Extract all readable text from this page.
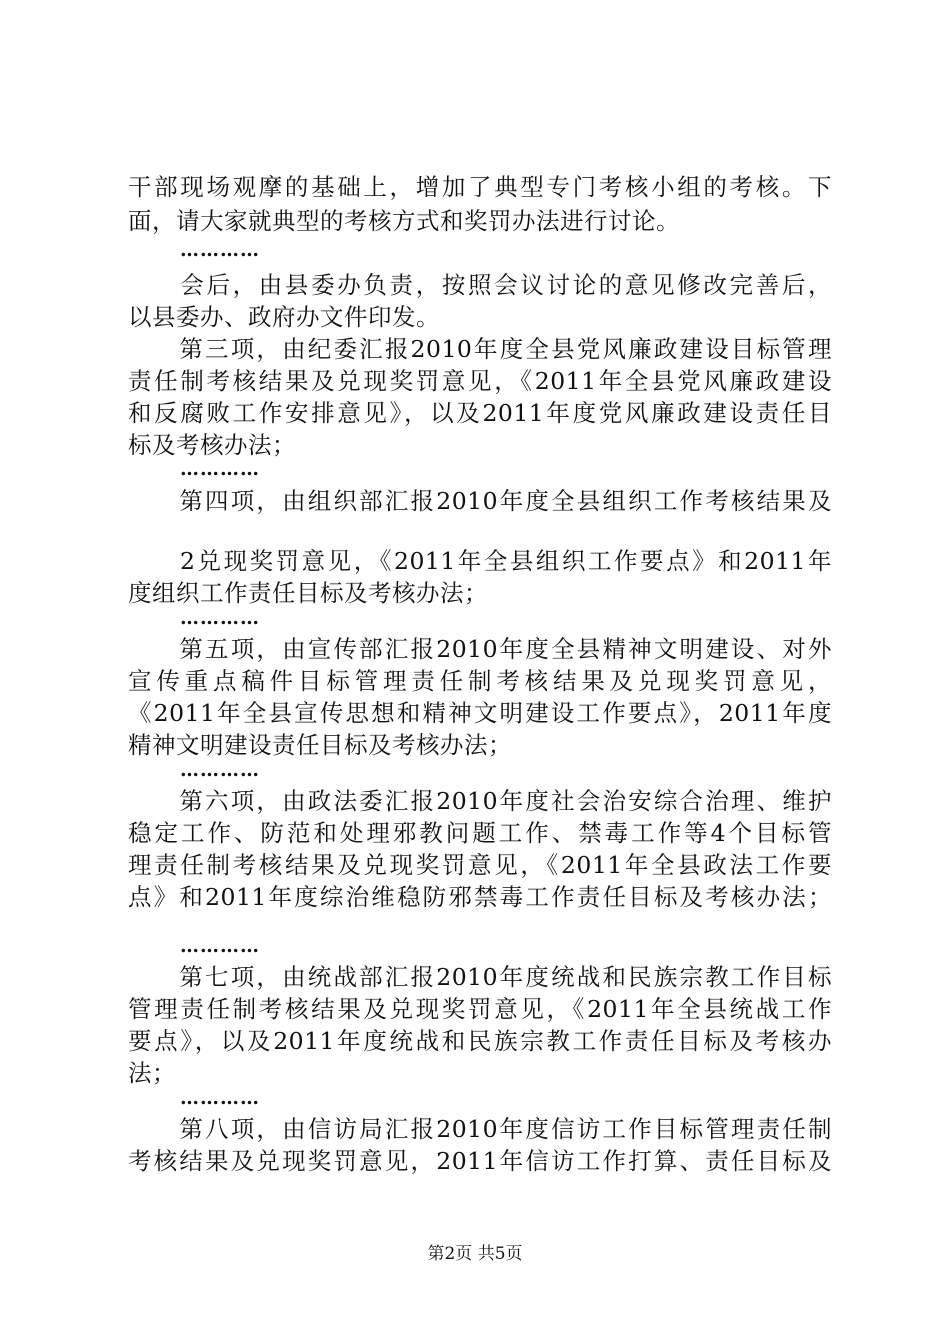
干部现场观摩的基础上，增加了典型专门考核小组的考核。下
面，请大家就典型的考核方式和奖罚办法进行讨论。
…………
　　会后，由县委办负责，按照会议讨论的意见修改完善后，
以县委办、政府办文件印发。
　　第三项，由纪委汇报2010年度全县党风廉政建设目标管理
责任制考核结果及兑现奖罚意见，《2011年全县党风廉政建设
和反腐败工作安排意见》，以及2011年度党风廉政建设责任目
标及考核办法；
…………
　　第四项，由组织部汇报2010年度全县组织工作考核结果及
　　2兑现奖罚意见，《2011年全县组织工作要点》和2011年
度组织工作责任目标及考核办法；
…………
　　第五项，由宣传部汇报2010年度全县精神文明建设、对外
宣传重点稿件目标管理责任制考核结果及兑现奖罚意见，
《2011年全县宣传思想和精神文明建设工作要点》，2011年度
精神文明建设责任目标及考核办法；
…………
　　第六项，由政法委汇报2010年度社会治安综合治理、维护
稳定工作、防范和处理邪教问题工作、禁毒工作等4个目标管
理责任制考核结果及兑现奖罚意见，《2011年全县政法工作要
点》和2011年度综治维稳防邪禁毒工作责任目标及考核办法；
…………
　　第七项，由统战部汇报2010年度统战和民族宗教工作目标
管理责任制考核结果及兑现奖罚意见，《2011年全县统战工作
要点》，以及2011年度统战和民族宗教工作责任目标及考核办
法；
…………
　　第八项，由信访局汇报2010年度信访工作目标管理责任制
考核结果及兑现奖罚意见，2011年信访工作打算、责任目标及
第2页 共5页
